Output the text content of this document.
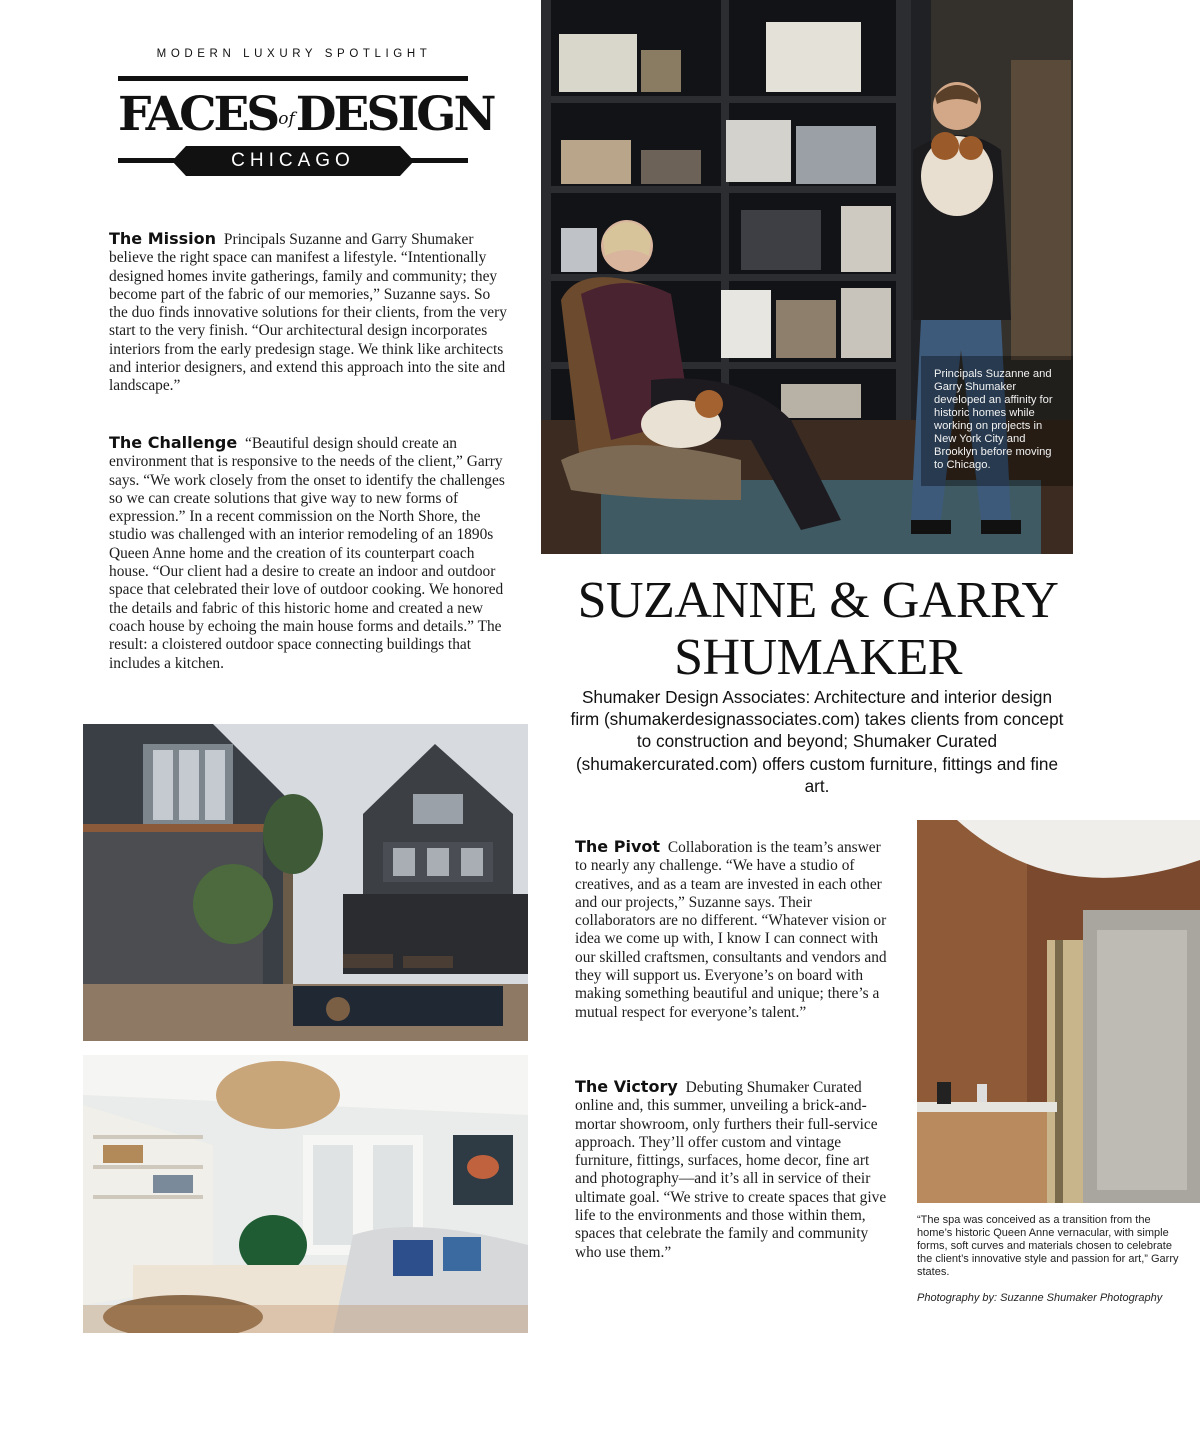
MODERN LUXURY SPOTLIGHT
FACESofDESIGN
CHICAGO

The Mission Principals Suzanne and Garry Shumaker believe the right space can manifest a lifestyle. “Intentionally designed homes invite gatherings, family and community; they become part of the fabric of our memories,” Suzanne says. So the duo finds innovative solutions for their clients, from the very start to the very finish. “Our architectural design incorporates interiors from the early predesign stage. We think like architects and interior designers, and extend this approach into the site and landscape.”

The Challenge “Beautiful design should create an environment that is responsive to the needs of the client,” Garry says. “We work closely from the onset to identify the challenges so we can create solutions that give way to new forms of expression.” In a recent commission on the North Shore, the studio was challenged with an interior remodeling of an 1890s Queen Anne home and the creation of its counterpart coach house. “Our client had a desire to create an indoor and outdoor space that celebrated their love of outdoor cooking. We honored the details and fabric of this historic home and created a new coach house by echoing the main house forms and details.” The result: a cloistered outdoor space connecting buildings that includes a kitchen.

Principals Suzanne and Garry Shumaker developed an affinity for historic homes while working on projects in New York City and Brooklyn before moving to Chicago.
SUZANNE & GARRY SHUMAKER
Shumaker Design Associates: Architecture and interior design firm (shumakerdesignassociates.com) takes clients from concept to construction and beyond; Shumaker Curated (shumakercurated.com) offers custom furniture, fittings and fine art.

The Pivot Collaboration is the team’s answer to nearly any challenge. “We have a studio of creatives, and as a team are invested in each other and our projects,” Suzanne says. Their collaborators are no different. “Whatever vision or idea we come up with, I know I can connect with our skilled craftsmen, consultants and vendors and they will support us. Everyone’s on board with making something beautiful and unique; there’s a mutual respect for everyone’s talent.”

The Victory Debuting Shumaker Curated online and, this summer, unveiling a brick-and-mortar showroom, only furthers their full-service approach. They’ll offer custom and vintage furniture, fittings, surfaces, home decor, fine art and photography—and it’s all in service of their ultimate goal. “We strive to create spaces that give life to the environments and those within them, spaces that celebrate the family and community who use them.”

“The spa was conceived as a transition from the home’s historic Queen Anne vernacular, with simple forms, soft curves and materials chosen to celebrate the client’s innovative style and passion for art,” Garry states.
Photography by: Suzanne Shumaker Photography
